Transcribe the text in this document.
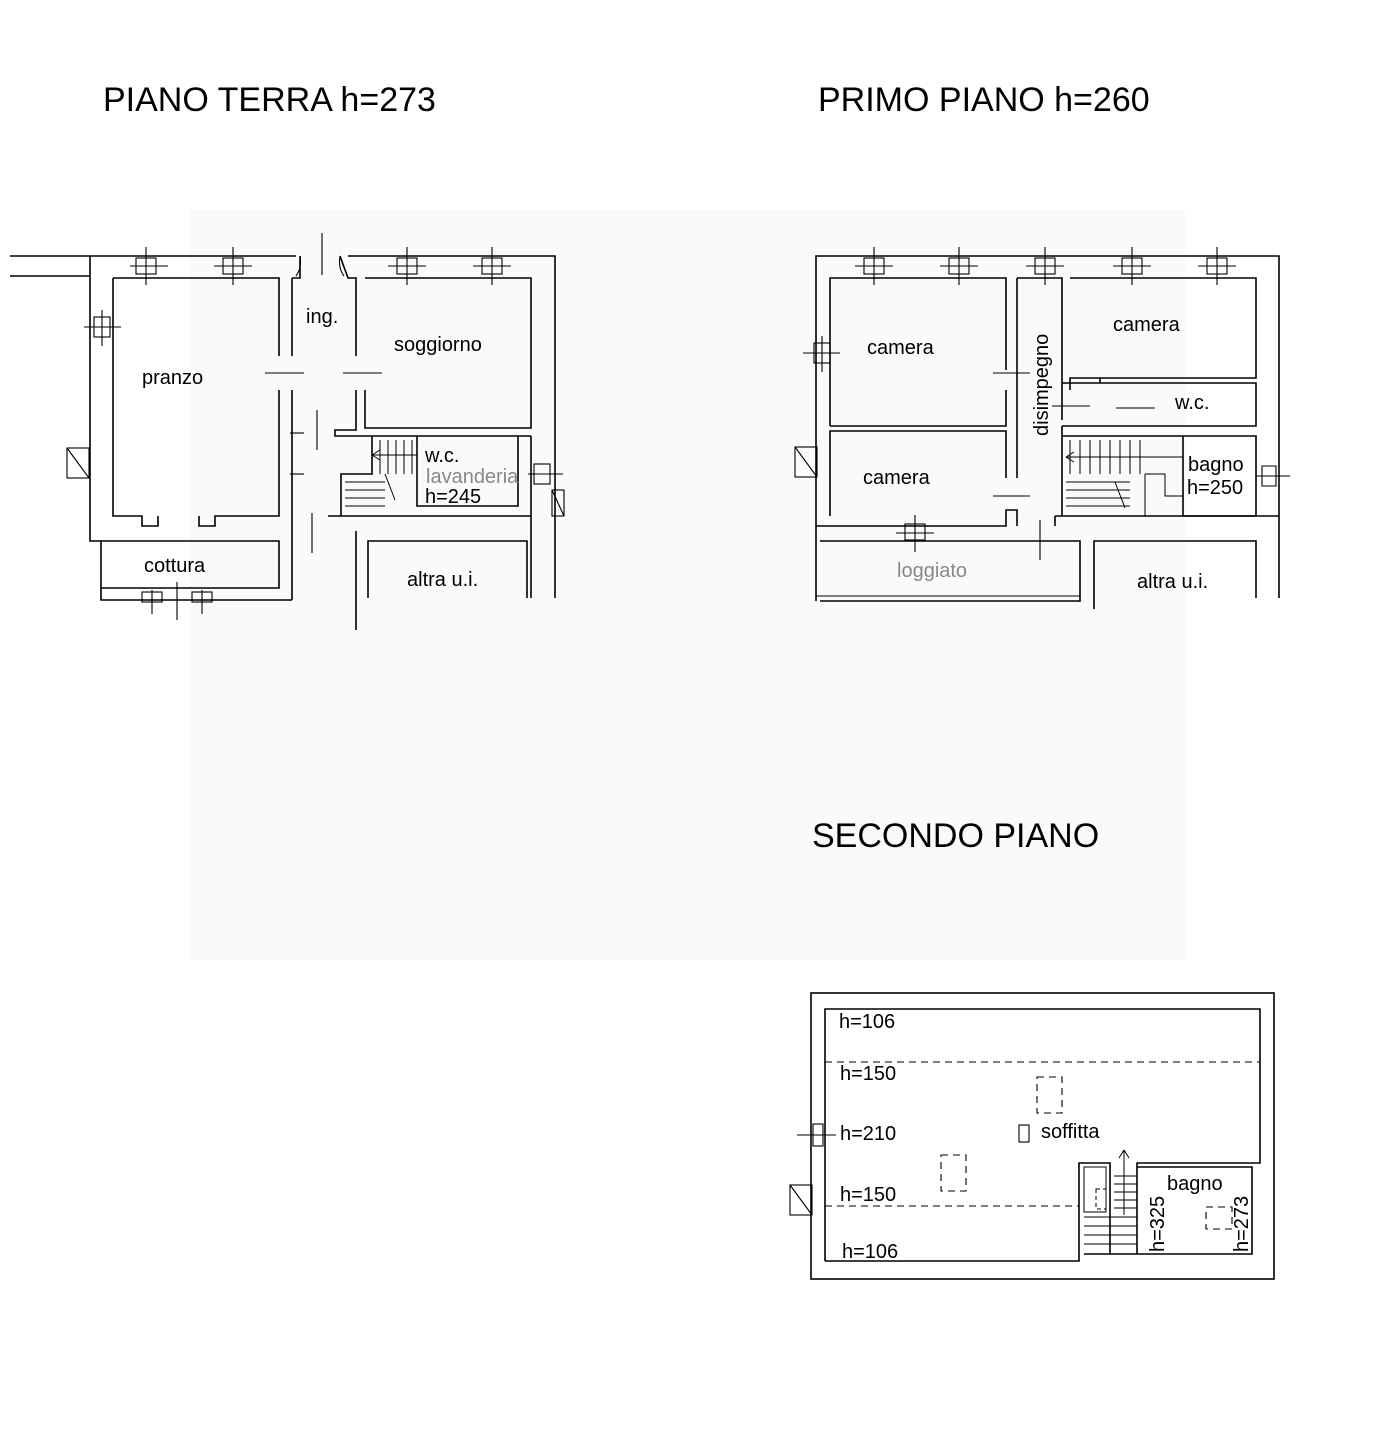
PIANO TERRA h=273	PRIMO PIANO h=260
SECONDO PIANO
ing.
soggiorno
pranzo
w.c.
lavanderia
h=245
cottura
altra u.i.
camera
camera
camera
disimpegno	w.c.
bagno
h=250
loggiato	altra u.i.
h=106
h=150
h=210
h=150
h=106
soffitta
bagno
h=325	h=273
